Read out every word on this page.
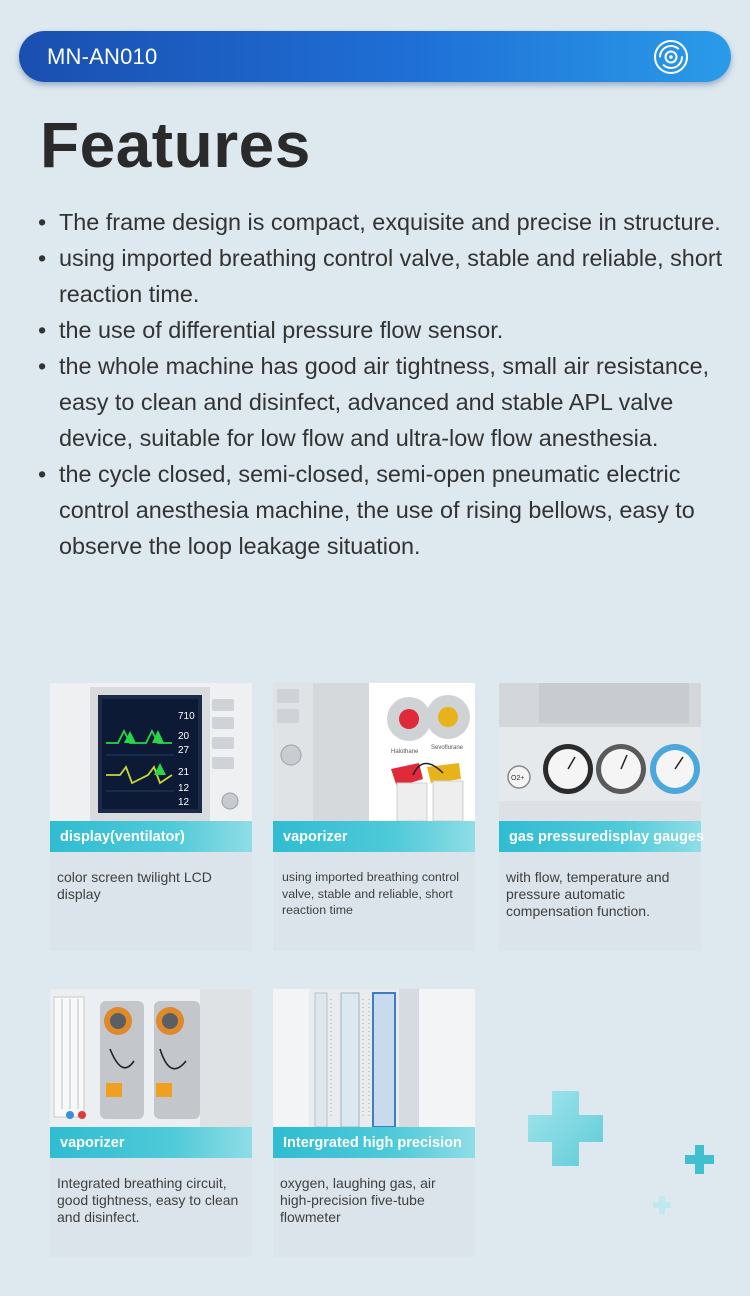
MN-AN010
Features
• The frame design is compact, exquisite and precise in structure.
• using imported breathing control valve, stable and reliable, short reaction time.
• the use of differential pressure flow sensor.
• the whole machine has good air tightness, small air resistance, easy to clean and disinfect, advanced and stable APL valve device, suitable for low flow and ultra-low flow anesthesia.
• the cycle closed, semi-closed, semi-open pneumatic electric control anesthesia machine, the use of rising bellows, easy to observe the loop leakage situation.
710
20
27
21
12
12
display(ventilator)
color screen twilight LCD display
Halothane
Sevoflurane
vaporizer
using imported breathing control valve, stable and reliable, short reaction time
O2+
gas pressuredisplay gauges
with flow, temperature and pressure automatic compensation function.
vaporizer
Integrated breathing circuit, good tightness, easy to clean and disinfect.
Intergrated high precision
oxygen, laughing gas, air high-precision five-tube flowmeter
